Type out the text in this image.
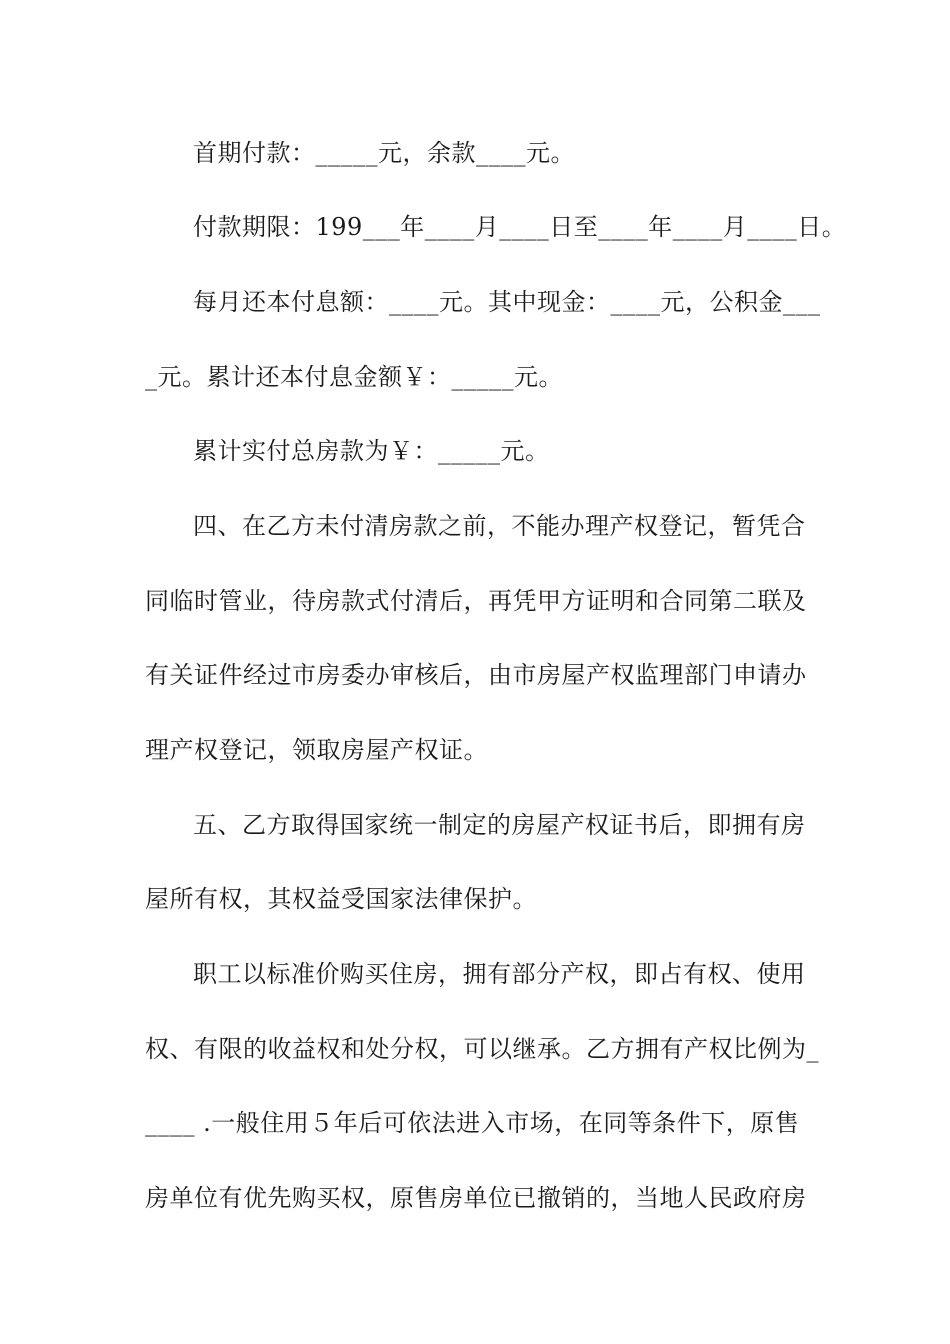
首期付款：_____元，余款____元。
付款期限：199___年____月____日至____年____月____日。
每月还本付息额：____元。其中现金：____元，公积金___
_元。累计还本付息金额￥：_____元。
累计实付总房款为￥：_____元。
四、在乙方未付清房款之前，不能办理产权登记，暂凭合
同临时管业，待房款式付清后，再凭甲方证明和合同第二联及
有关证件经过市房委办审核后，由市房屋产权监理部门申请办
理产权登记，领取房屋产权证。
五、乙方取得国家统一制定的房屋产权证书后，即拥有房
屋所有权，其权益受国家法律保护。
职工以标准价购买住房，拥有部分产权，即占有权、使用
权、有限的收益权和处分权，可以继承。乙方拥有产权比例为_
____ .一般住用５年后可依法进入市场，在同等条件下，原售
房单位有优先购买权，原售房单位已撤销的，当地人民政府房
